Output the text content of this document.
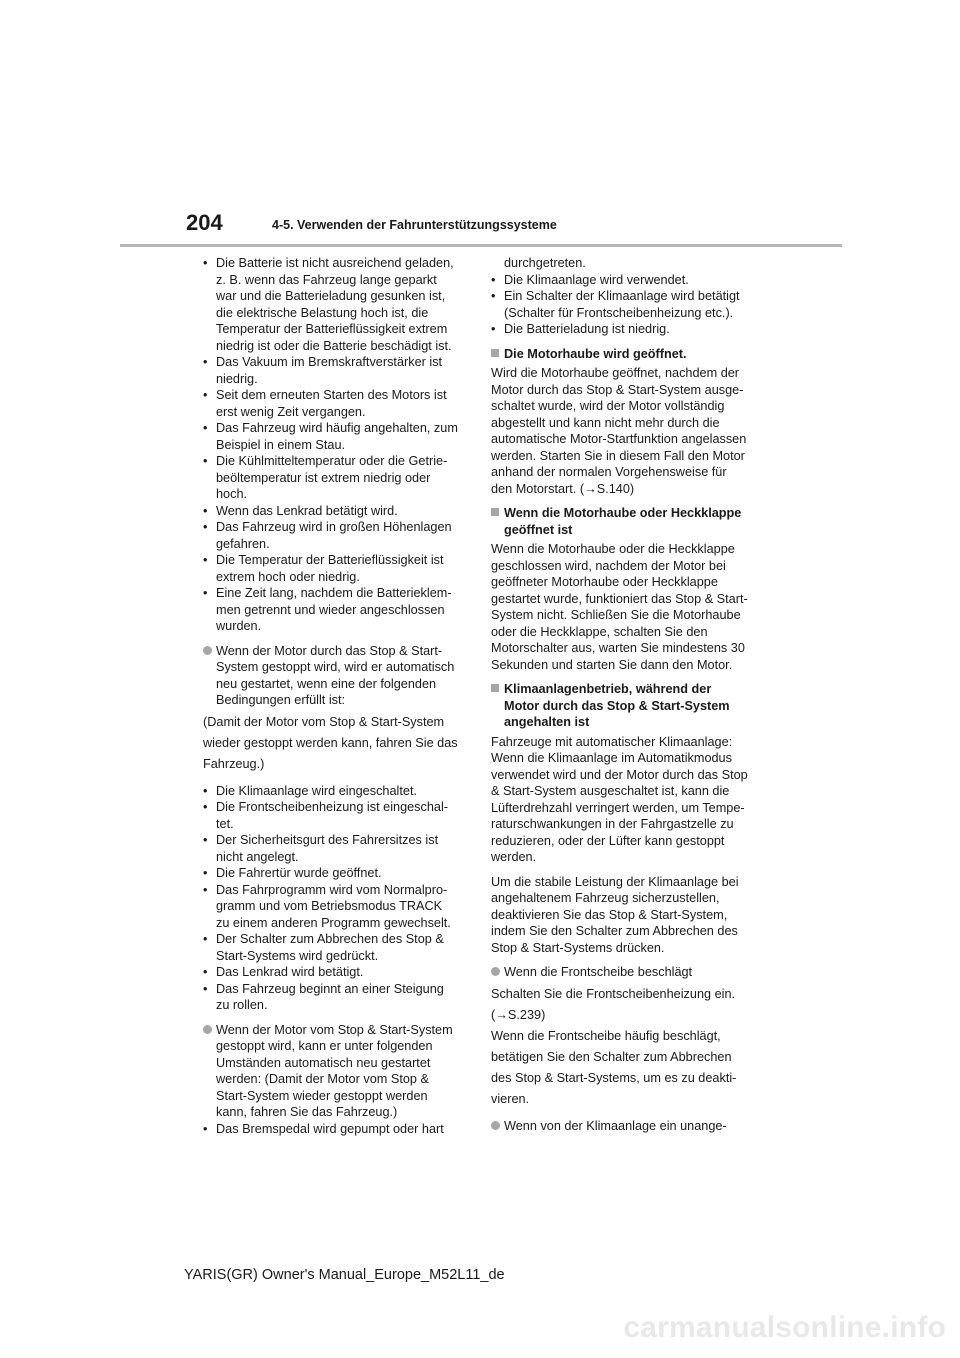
204	4-5. Verwenden der Fahrunterstützungssysteme
• Die Batterie ist nicht ausreichend geladen,
z. B. wenn das Fahrzeug lange geparkt
war und die Batterieladung gesunken ist,
die elektrische Belastung hoch ist, die
Temperatur der Batterieflüssigkeit extrem
niedrig ist oder die Batterie beschädigt ist.
• Das Vakuum im Bremskraftverstärker ist
niedrig.
• Seit dem erneuten Starten des Motors ist
erst wenig Zeit vergangen.
• Das Fahrzeug wird häufig angehalten, zum
Beispiel in einem Stau.
• Die Kühlmitteltemperatur oder die Getrie-
beöltemperatur ist extrem niedrig oder
hoch.
• Wenn das Lenkrad betätigt wird.
• Das Fahrzeug wird in großen Höhenlagen
gefahren.
• Die Temperatur der Batterieflüssigkeit ist
extrem hoch oder niedrig.
• Eine Zeit lang, nachdem die Batterieklem-
men getrennt und wieder angeschlossen
wurden.
Wenn der Motor durch das Stop & Start-
System gestoppt wird, wird er automatisch
neu gestartet, wenn eine der folgenden
Bedingungen erfüllt ist:
(Damit der Motor vom Stop & Start-System
wieder gestoppt werden kann, fahren Sie das
Fahrzeug.)
• Die Klimaanlage wird eingeschaltet.
• Die Frontscheibenheizung ist eingeschal-
tet.
• Der Sicherheitsgurt des Fahrersitzes ist
nicht angelegt.
• Die Fahrertür wurde geöffnet.
• Das Fahrprogramm wird vom Normalpro-
gramm und vom Betriebsmodus TRACK
zu einem anderen Programm gewechselt.
• Der Schalter zum Abbrechen des Stop &
Start-Systems wird gedrückt.
• Das Lenkrad wird betätigt.
• Das Fahrzeug beginnt an einer Steigung
zu rollen.
Wenn der Motor vom Stop & Start-System
gestoppt wird, kann er unter folgenden
Umständen automatisch neu gestartet
werden: (Damit der Motor vom Stop &
Start-System wieder gestoppt werden
kann, fahren Sie das Fahrzeug.)
• Das Bremspedal wird gepumpt oder hart
durchgetreten.
• Die Klimaanlage wird verwendet.
• Ein Schalter der Klimaanlage wird betätigt
(Schalter für Frontscheibenheizung etc.).
• Die Batterieladung ist niedrig.
Die Motorhaube wird geöffnet.
Wird die Motorhaube geöffnet, nachdem der
Motor durch das Stop & Start-System ausge-
schaltet wurde, wird der Motor vollständig
abgestellt und kann nicht mehr durch die
automatische Motor-Startfunktion angelassen
werden. Starten Sie in diesem Fall den Motor
anhand der normalen Vorgehensweise für
den Motorstart. (→S.140)
Wenn die Motorhaube oder Heckklappe
geöffnet ist
Wenn die Motorhaube oder die Heckklappe
geschlossen wird, nachdem der Motor bei
geöffneter Motorhaube oder Heckklappe
gestartet wurde, funktioniert das Stop & Start-
System nicht. Schließen Sie die Motorhaube
oder die Heckklappe, schalten Sie den
Motorschalter aus, warten Sie mindestens 30
Sekunden und starten Sie dann den Motor.
Klimaanlagenbetrieb, während der
Motor durch das Stop & Start-System
angehalten ist
Fahrzeuge mit automatischer Klimaanlage:
Wenn die Klimaanlage im Automatikmodus
verwendet wird und der Motor durch das Stop
& Start-System ausgeschaltet ist, kann die
Lüfterdrehzahl verringert werden, um Tempe-
raturschwankungen in der Fahrgastzelle zu
reduzieren, oder der Lüfter kann gestoppt
werden.
Um die stabile Leistung der Klimaanlage bei
angehaltenem Fahrzeug sicherzustellen,
deaktivieren Sie das Stop & Start-System,
indem Sie den Schalter zum Abbrechen des
Stop & Start-Systems drücken.
Wenn die Frontscheibe beschlägt
Schalten Sie die Frontscheibenheizung ein.
(→S.239)
Wenn die Frontscheibe häufig beschlägt,
betätigen Sie den Schalter zum Abbrechen
des Stop & Start-Systems, um es zu deakti-
vieren.
Wenn von der Klimaanlage ein unange-
YARIS(GR) Owner's Manual_Europe_M52L11_de
carmanualsonline.info
